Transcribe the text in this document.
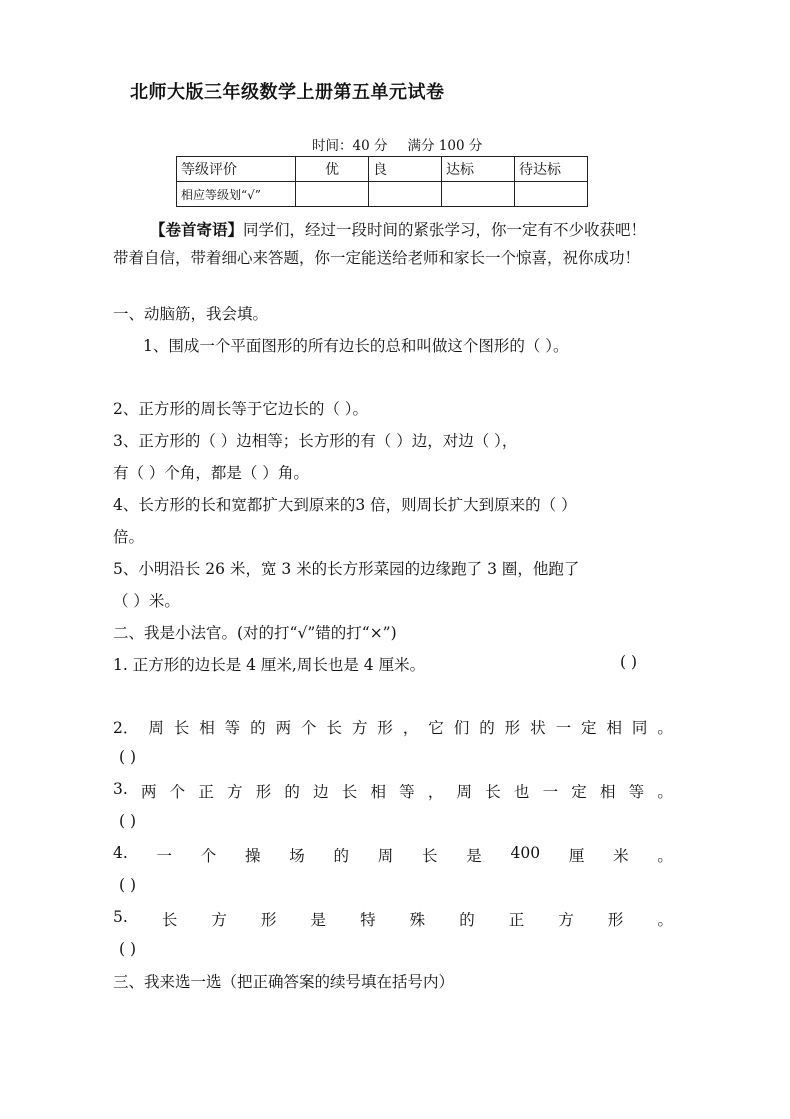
北师大版三年级数学上册第五单元试卷
时间：40 分 满分 100 分
等级评价	优	良	达标	待达标
相应等级划“√”				
【卷首寄语】同学们，经过一段时间的紧张学习，你一定有不少收获吧！
带着自信，带着细心来答题，你一定能送给老师和家长一个惊喜，祝你成功！
一、动脑筋，我会填。
1、围成一个平面图形的所有边长的总和叫做这个图形的（ ）。
2、正方形的周长等于它边长的（ ）。
3、正方形的（ ）边相等；长方形的有（ ）边，对边（ ），
有（ ）个角，都是（ ）角。
4、长方形的长和宽都扩大到原来的3 倍，则周长扩大到原来的（ ）
倍。
5、小明沿长 26 米，宽 3 米的长方形菜园的边缘跑了 3 圈，他跑了
（ ）米。
二、我是小法官。(对的打“√”错的打“×”)
1. 正方形的边长是 4 厘米,周长也是 4 厘米。	( )
2． 周 长 相 等 的 两 个 长 方 形 ， 它 们 的 形 状 一 定 相 同 。
( )
3. 两 个 正 方 形 的 边 长 相 等 ， 周 长 也 一 定 相 等 。
( )
4. 一 个 操 场 的 周 长 是 400 厘 米 。
( )
5. 长 方 形 是 特 殊 的 正 方 形 。
( )
三、我来选一选（把正确答案的续号填在括号内）
